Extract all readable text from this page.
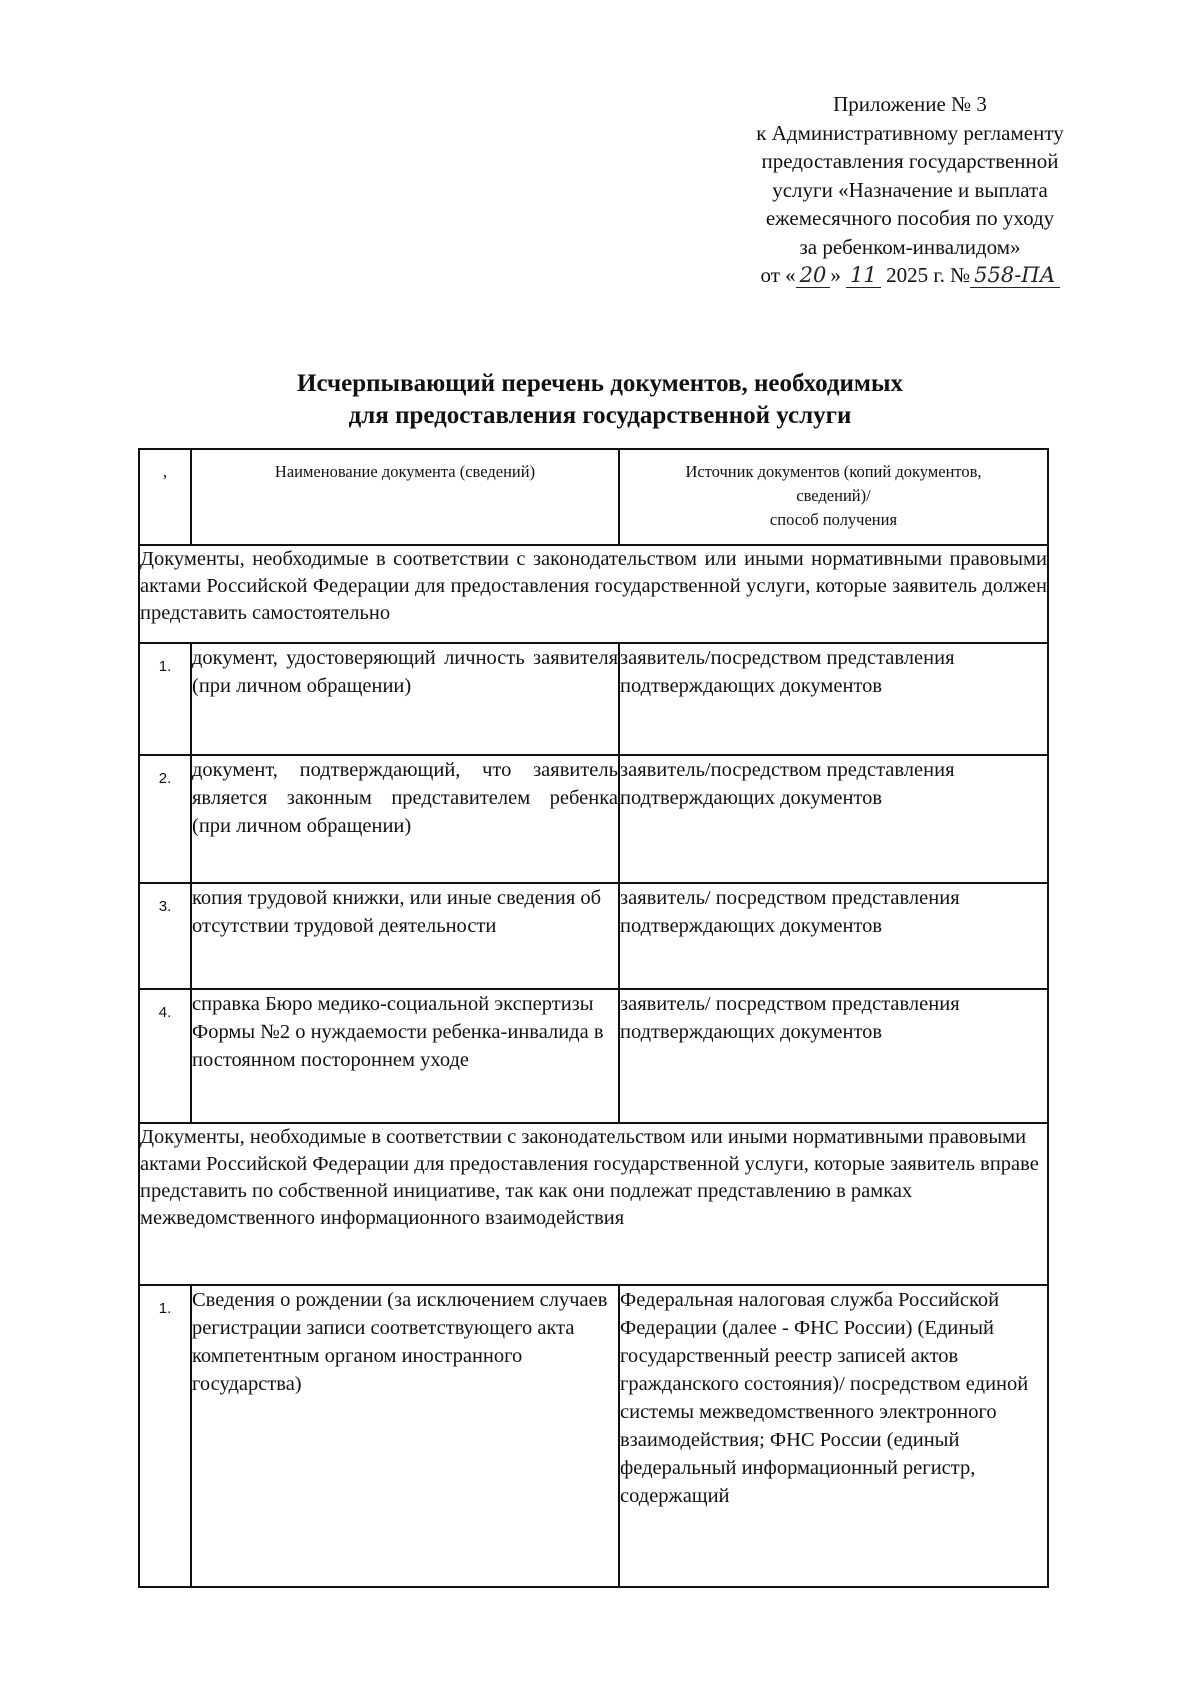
Приложение № 3
к Административному регламенту
предоставления государственной
услуги «Назначение и выплата
ежемесячного пособия по уходу
за ребенком-инвалидом»
от « 20 » 11 2025 г. № 558-ПА
Исчерпывающий перечень документов, необходимых
для предоставления государственной услуги
,	Наименование документа (сведений)	Источник документов (копий документов,
сведений)/
способ получения

Документы, необходимые в соответствии с законодательством или иными нормативными правовыми актами Российской Федерации для предоставления государственной услуги, которые заявитель должен представить самостоятельно		
1.	документ, удостоверяющий личность заявителя (при личном обращении)	заявитель/посредством представления подтверждающих документов
2.	документ, подтверждающий, что заявитель является законным представителем ребенка (при личном обращении)	заявитель/посредством представления подтверждающих документов
3.	копия трудовой книжки, или иные сведения об отсутствии трудовой деятельности	заявитель/ посредством представления подтверждающих документов
4.	справка Бюро медико-социальной экспертизы Формы №2 о нуждаемости ребенка-инвалида в постоянном постороннем уходе	заявитель/ посредством представления подтверждающих документов
Документы, необходимые в соответствии с законодательством или иными нормативными правовыми актами Российской Федерации для предоставления государственной услуги, которые заявитель вправе представить по собственной инициативе, так как они подлежат представлению в рамках межведомственного информационного взаимодействия		
1.	Сведения о рождении (за исключением случаев регистрации записи соответствующего акта компетентным органом иностранного государства)	Федеральная налоговая служба Российской Федерации (далее - ФНС России) (Единый государственный реестр записей актов гражданского состояния)/ посредством единой системы межведомственного электронного взаимодействия; ФНС России (единый федеральный информационный регистр, содержащий
